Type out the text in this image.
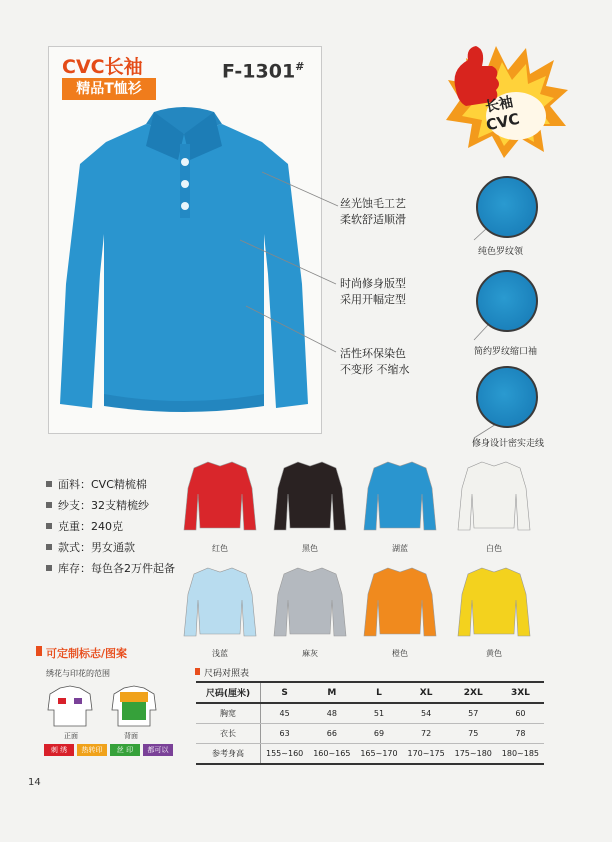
CVC长袖
精品T恤衫
F-1301#
长袖
CVC
丝光蚀毛工艺
柔软舒适顺滑
时尚修身版型
采用开幅定型
活性环保染色
不变形 不缩水
纯色罗纹领
简约罗纹缩口袖
修身设计密实走线
面料：CVC精梳棉
纱支：32支精梳纱
克重：240克
款式：男女通款
库存：每色各2万件起备
红色	黑色	湖蓝	白色
浅蓝	麻灰	橙色	黄色
可定制标志/图案
绣花与印花的范围
正面	背面
刺 绣	热转印	丝 印	都可以
尺码对照表
尺码(厘米)	S	M	L	XL	2XL	3XL
胸宽	45	48	51	54	57	60
衣长	63	66	69	72	75	78
参考身高	155~160	160~165	165~170	170~175	175~180	180~185
14
